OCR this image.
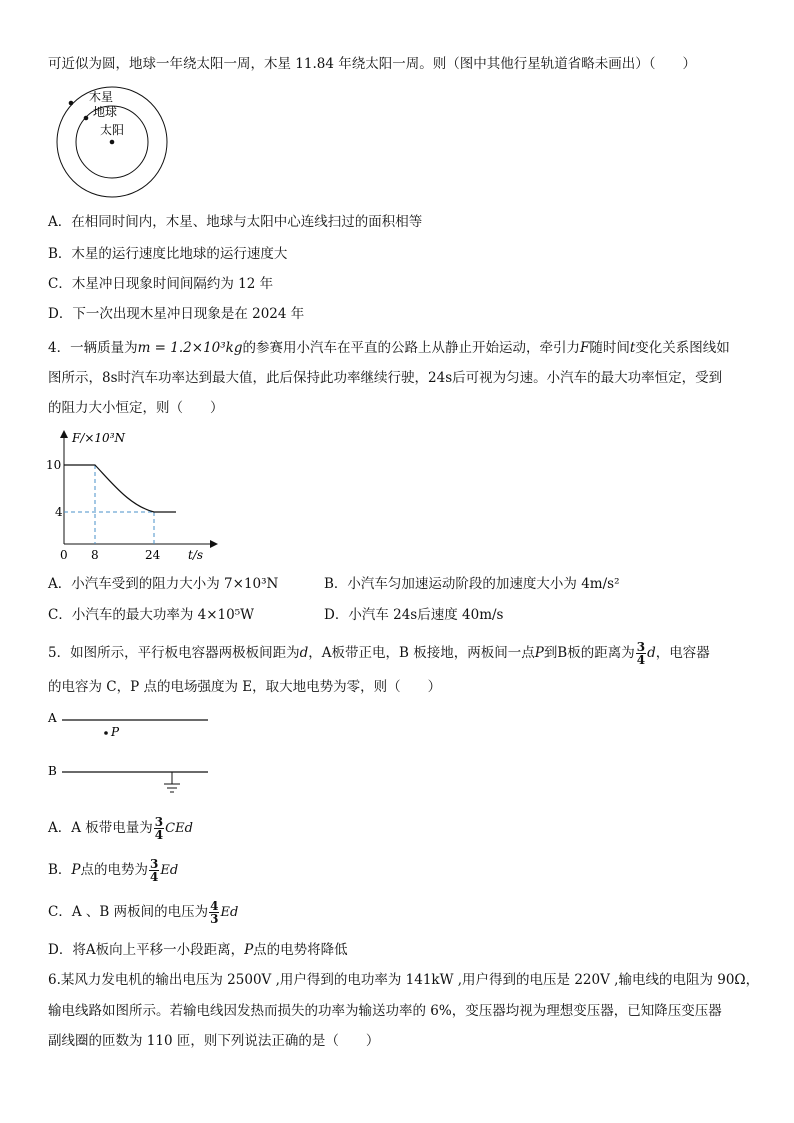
可近似为圆，地球一年绕太阳一周，木星 11.84 年绕太阳一周。则（图中其他行星轨道省略未画出）（　　）
木星
地球
太阳
A．在相同时间内，木星、地球与太阳中心连线扫过的面积相等
B．木星的运行速度比地球的运行速度大
C．木星冲日现象时间间隔约为 12 年
D．下一次出现木星冲日现象是在 2024 年
4．一辆质量为m = 1.2×10³kg的参赛用小汽车在平直的公路上从静止开始运动，牵引力F随时间t变化关系图线如
图所示，8s时汽车功率达到最大值，此后保持此功率继续行驶，24s后可视为匀速。小汽车的最大功率恒定，受到
的阻力大小恒定，则（　　）
F/×10³N
t/s
0 8	24
10
4
A．小汽车受到的阻力大小为 7×10³N	B．小汽车匀加速运动阶段的加速度大小为 4m/s²
C．小汽车的最大功率为 4×10⁵W	D．小汽车 24s后速度 40m/s
5．如图所示，平行板电容器两极板间距为d，A板带正电，B 板接地，两板间一点P到B板的距离为 $\frac{3}{4}$ d，电容器
的电容为 C，P 点的电场强度为 E，取大地电势为零，则（　　）
A
P
B
A．A 板带电量为 $\frac{3}{4}$ CEd
B．P点的电势为 $\frac{3}{4}$ Ed
C．A 、B 两板间的电压为 $\frac{4}{3}$ Ed
D．将A板向上平移一小段距离，P点的电势将降低
6.某风力发电机的输出电压为 2500V ,用户得到的电功率为 141kW ,用户得到的电压是 220V ,输电线的电阻为 90Ω，
输电线路如图所示。若输电线因发热而损失的功率为输送功率的 6%，变压器均视为理想变压器，已知降压变压器
副线圈的匝数为 110 匝，则下列说法正确的是（　　）
